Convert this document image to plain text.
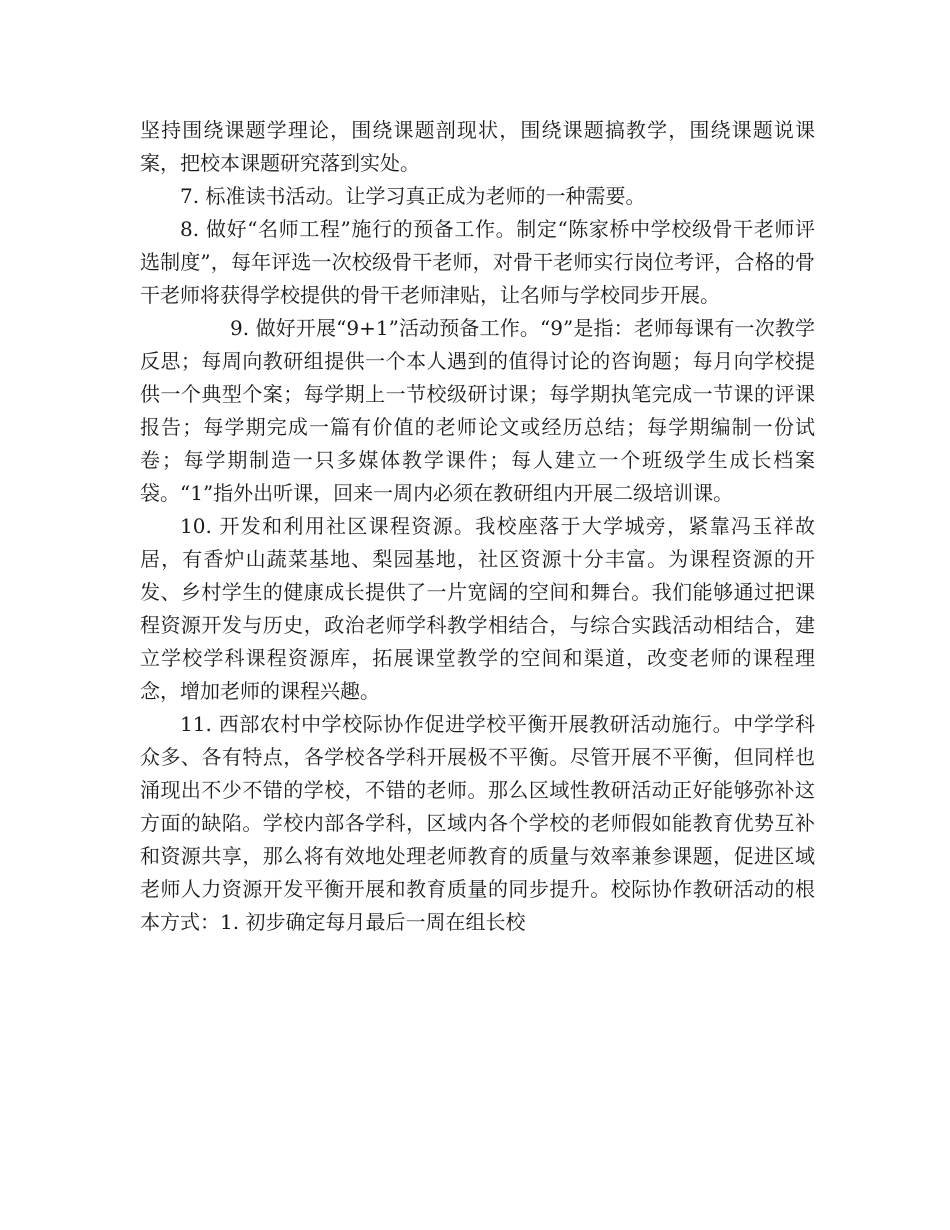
坚持围绕课题学理论，围绕课题剖现状，围绕课题搞教学，围绕课题说课案，把校本课题研究落到实处。

7. 标准读书活动。让学习真正成为老师的一种需要。

8. 做好“名师工程”施行的预备工作。制定“陈家桥中学校级骨干老师评选制度”，每年评选一次校级骨干老师，对骨干老师实行岗位考评，合格的骨干老师将获得学校提供的骨干老师津贴，让名师与学校同步开展。

9. 做好开展“9+1”活动预备工作。“9”是指：老师每课有一次教学反思；每周向教研组提供一个本人遇到的值得讨论的咨询题；每月向学校提供一个典型个案；每学期上一节校级研讨课；每学期执笔完成一节课的评课报告；每学期完成一篇有价值的老师论文或经历总结；每学期编制一份试卷；每学期制造一只多媒体教学课件；每人建立一个班级学生成长档案袋。“1”指外出听课，回来一周内必须在教研组内开展二级培训课。

10. 开发和利用社区课程资源。我校座落于大学城旁，紧靠冯玉祥故居，有香炉山蔬菜基地、梨园基地，社区资源十分丰富。为课程资源的开发、乡村学生的健康成长提供了一片宽阔的空间和舞台。我们能够通过把课程资源开发与历史，政治老师学科教学相结合，与综合实践活动相结合，建立学校学科课程资源库，拓展课堂教学的空间和渠道，改变老师的课程理念，增加老师的课程兴趣。

11. 西部农村中学校际协作促进学校平衡开展教研活动施行。中学学科众多、各有特点，各学校各学科开展极不平衡。尽管开展不平衡，但同样也涌现出不少不错的学校，不错的老师。那么区域性教研活动正好能够弥补这方面的缺陷。学校内部各学科，区域内各个学校的老师假如能教育优势互补和资源共享，那么将有效地处理老师教育的质量与效率兼参课题，促进区域老师人力资源开发平衡开展和教育质量的同步提升。校际协作教研活动的根本方式：1. 初步确定每月最后一周在组长校
